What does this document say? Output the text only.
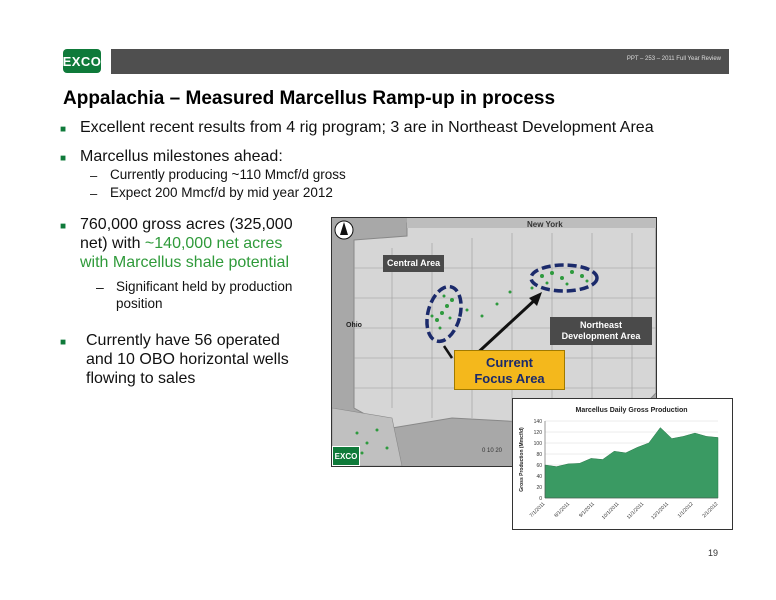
EXCO	PPT – 253 – 2011 Full Year Review
Appalachia – Measured Marcellus Ramp-up in process
■ Excellent recent results from 4 rig program; 3 are in Northeast Development Area
■ Marcellus milestones ahead:
– Currently producing ~110 Mmcf/d gross
– Expect 200 Mmcf/d by mid year 2012
■ 760,000 gross acres (325,000
net) with ~140,000 net acres
with Marcellus shale potential
– Significant held by production
position
■ Currently have 56 operated
and 10 OBO horizontal wells
flowing to sales
New York
Ohio
Central Area
Northeast
Development Area
EXCO
0 10 20
Current
Focus Area
Marcellus Daily Gross Production
0
20
40
60
80
100
120
140
Gross Production (Mmcf/d)
7/1/2011 8/1/2011 9/1/2011 10/1/2011 11/1/2011 12/1/2011 1/1/2012 2/1/2012
19
